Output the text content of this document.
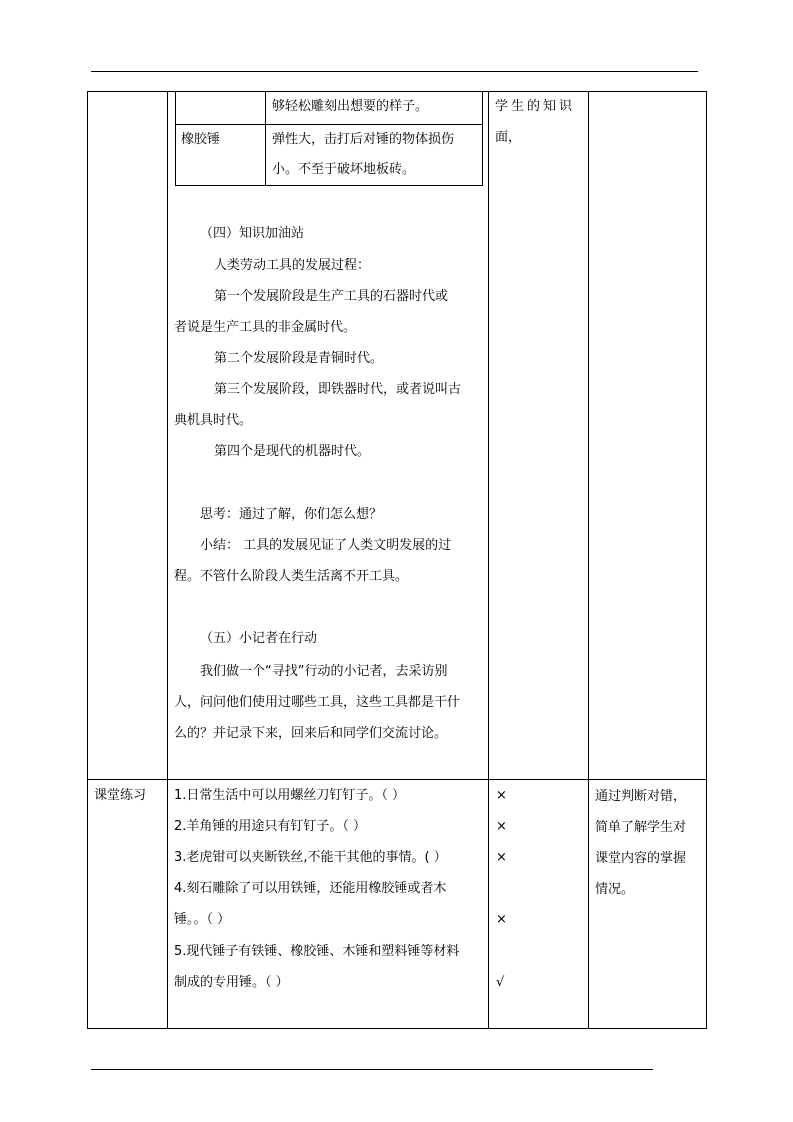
够轻松雕刻出想要的样子。
橡胶锤	弹性大，击打后对锤的物体损伤
小。不至于破坏地板砖。
学生的知识
面，
（四）知识加油站
人类劳动工具的发展过程：
第一个发展阶段是生产工具的石器时代或
者说是生产工具的非金属时代。
第二个发展阶段是青铜时代。
第三个发展阶段，即铁器时代，或者说叫古
典机具时代。
第四个是现代的机器时代。
思考：通过了解，你们怎么想？
小结： 工具的发展见证了人类文明发展的过
程。不管什么阶段人类生活离不开工具。
（五）小记者在行动
我们做一个“寻找”行动的小记者，去采访别
人，问问他们使用过哪些工具，这些工具都是干什
么的？并记录下来，回来后和同学们交流讨论。
课堂练习 1.日常生活中可以用螺丝刀钉钉子。（ ）
2.羊角锤的用途只有钉钉子。（ ）
3.老虎钳可以夹断铁丝,不能干其他的事情。( ）
4.刻石雕除了可以用铁锤，还能用橡胶锤或者木
锤。。（ ）
5.现代锤子有铁锤、橡胶锤、木锤和塑料锤等材料
制成的专用锤。（ ）
×
×
×
×
√
通过判断对错，
简单了解学生对
课堂内容的掌握
情况。
